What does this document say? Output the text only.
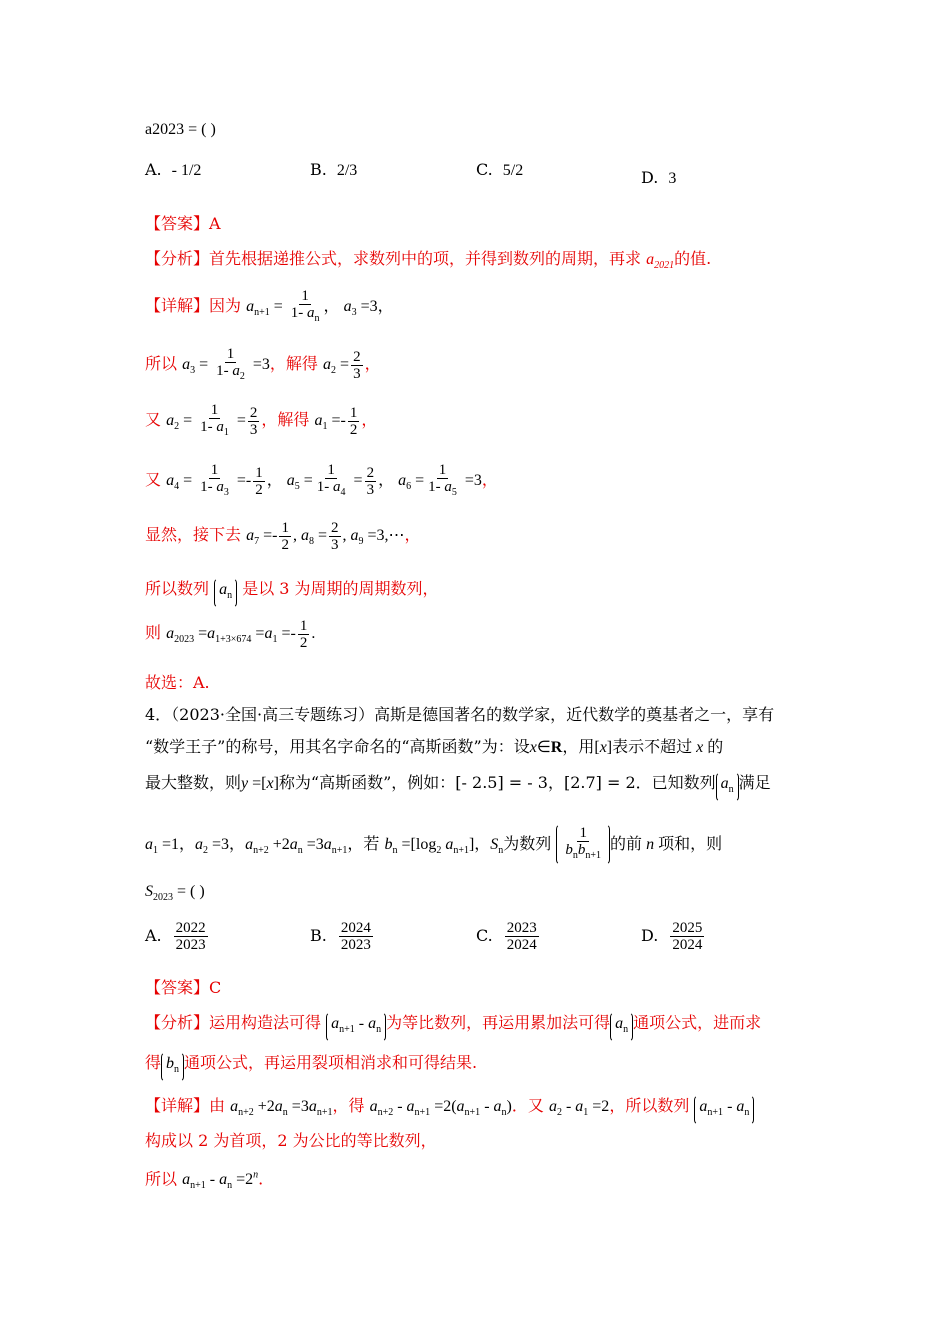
a2023 = ( )
A. - 1/2	B. 2/3	C. 5/2	D. 3
【答案】A
【分析】首先根据递推公式，求数列中的项，并得到数列的周期，再求 $a_{2021}$的值.
【详解】因为 $a_{n+1} = \frac{1}{1- a_n}$ ， $a_3 =3$，
所以 $a_3 = \frac{1}{1- a_2} =3$，解得 $a_2 = \frac{2}{3}$ ，
又 $a_2 = \frac{1}{1- a_1} = \frac{2}{3}$ ，解得 $a_1 =- \frac{1}{2}$ ，
又 $a_4 = \frac{1}{1- a_3} =- \frac{1}{2}$ ， $a_5 = \frac{1}{1- a_4} = \frac{2}{3}$ ， $a_6 = \frac{1}{1- a_5} =3$，
显然，接下去 $a_7 =- \frac{1}{2}$ , $a_8 = \frac{2}{3}$ , $a_9$ =3,⋯，
所以数列 $a_n$ 是以 3 为周期的周期数列，
则 $a_{2023} =a_{1+3\times 674} =a_1 =- \frac{1}{2}$ .
故选：A.
4．（2023·全国·高三专题练习）高斯是德国著名的数学家，近代数学的奠基者之一，享有
“数学王子”的称号，用其名字命名的“高斯函数”为：设x∈R，用[x]表示不超过 x 的
最大整数，则y =[x]称为“高斯函数”，例如：[- 2.5] = - 3，[2.7] = 2．已知数列 $a_n$ 满足
$a_1 =1$，$a_2 =3$，$a_{n+2} +2a_n =3a_{n+1}$，若 $b_n =[\log_2$ $a_{n+1}$]，$S_n$为数列 $\frac{1}{b_nb_{n+1}}$ 的前 n 项和，则
$S_{2023}$ = ( )
A. $\frac{2022}{2023}$	B. $\frac{2024}{2023}$	C. $\frac{2023}{2024}$	D. $\frac{2025}{2024}$
【答案】C
【分析】运用构造法可得 $a_{n+1} - a_n$ 为等比数列，再运用累加法可得 $a_n$ 通项公式，进而求
得 $b_n$ 通项公式，再运用裂项相消求和可得结果.
【详解】由 $a_{n+2} +2a_n =3a_{n+1}$，得 $a_{n+2} - a_{n+1} =2(a_{n+1} - a_n)$．又 $a_2 - a_1 =2$，所以数列 $a_{n+1} - a_n$
构成以 2 为首项，2 为公比的等比数列，
所以 $a_{n+1} - a_n =2^n$.
